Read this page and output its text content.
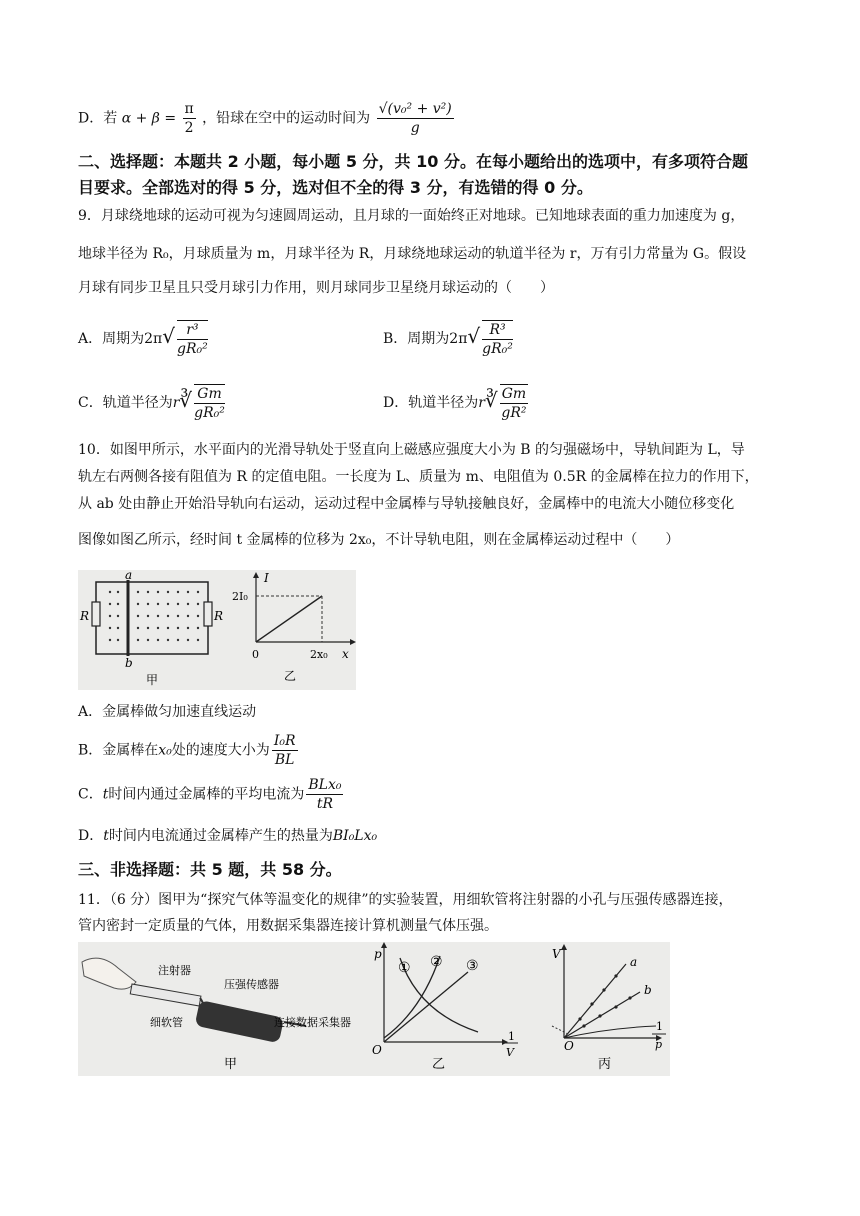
D．若 $\alpha + \beta = \frac{\pi}{2}$ ，铅球在空中的运动时间为 $\frac{\text{√(v₀² + v²)}}{g}$
二、选择题：本题共 2 小题，每小题 5 分，共 10 分。在每小题给出的选项中，有多项符合题
目要求。全部选对的得 5 分，选对但不全的得 3 分，有选错的得 0 分。
9．月球绕地球的运动可视为匀速圆周运动，且月球的一面始终正对地球。已知地球表面的重力加速度为 g，
地球半径为 R₀，月球质量为 m，月球半径为 R，月球绕地球运动的轨道半径为 r，万有引力常量为 G。假设
月球有同步卫星且只受月球引力作用，则月球同步卫星绕月球运动的（　　）
A．周期为$2\pi√ \frac{\text{r³}}{\text{gR₀²}}$	B．周期为$2\pi√ \frac{\text{R³}}{\text{gR₀²}}$
C．轨道半径为r∛ $\frac{Gm}{\text{gR₀²}}$	D．轨道半径为r∛ $\frac{Gm}{\text{gR²}}$
10．如图甲所示，水平面内的光滑导轨处于竖直向上磁感应强度大小为 B 的匀强磁场中，导轨间距为 L，导
轨左右两侧各接有阻值为 R 的定值电阻。一长度为 L、质量为 m、电阻值为 0.5R 的金属棒在拉力的作用下，
从 ab 处由静止开始沿导轨向右运动，运动过程中金属棒与导轨接触良好，金属棒中的电流大小随位移变化
图像如图乙所示，经时间 t 金属棒的位移为 2x₀，不计导轨电阻，则在金属棒运动过程中（　　）
a
b
R	R
甲
I
x
0
2I₀
2x₀
乙
A．金属棒做匀加速直线运动
B．金属棒在x₀处的速度大小为 $\frac{\text{I₀R}}{BL}$
C．t时间内通过金属棒的平均电流为 $\frac{\text{BLx₀}}{tR}$
D．t时间内电流通过金属棒产生的热量为BI₀Lx₀
三、非选择题：共 5 题，共 58 分。
11．（6 分）图甲为“探究气体等温变化的规律”的实验装置，用细软管将注射器的小孔与压强传感器连接，
管内密封一定质量的气体，用数据采集器连接计算机测量气体压强。
注射器
压强传感器
细软管	连接数据采集器
甲
p
O
1
V
① ② ③
乙
V
O
a
b
1
p
丙
